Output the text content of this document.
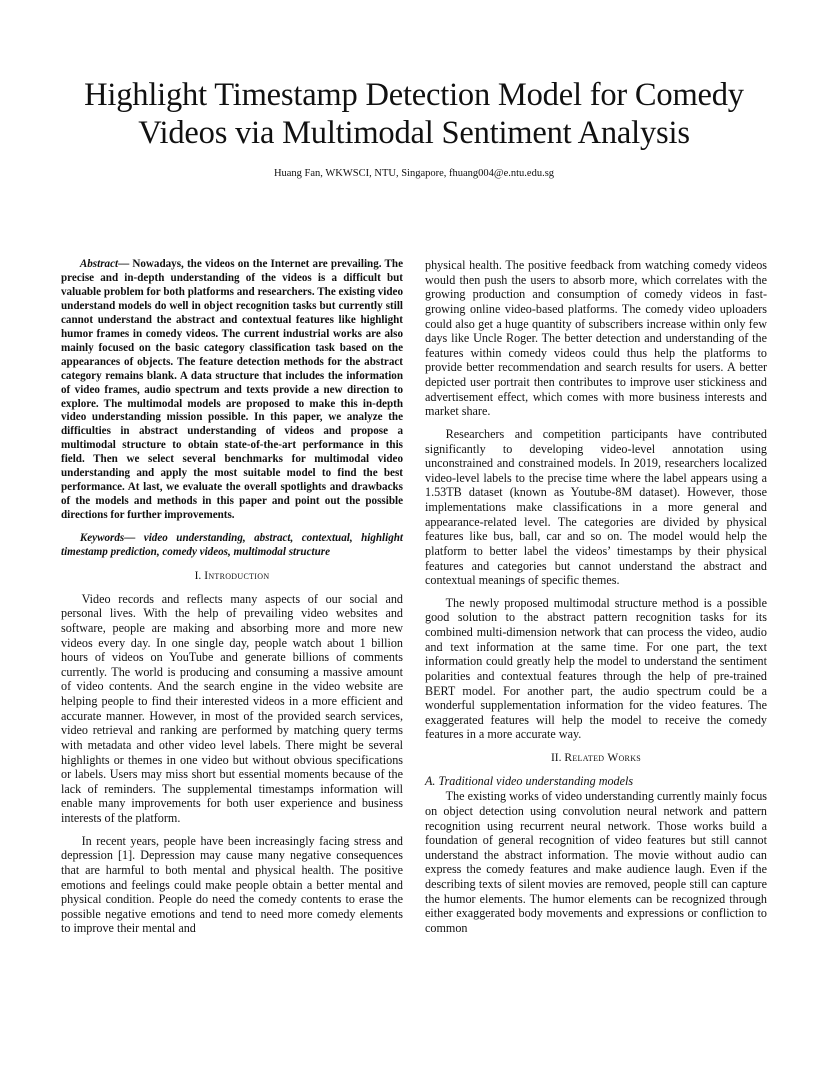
Highlight Timestamp Detection Model for Comedy
Videos via Multimodal Sentiment Analysis

Huang Fan, WKWSCI, NTU, Singapore, fhuang004@e.ntu.edu.sg

Abstract— Nowadays, the videos on the Internet are prevailing. The precise and in-depth understanding of the videos is a difficult but valuable problem for both platforms and researchers. The existing video understand models do well in object recognition tasks but currently still cannot understand the abstract and contextual features like highlight humor frames in comedy videos. The current industrial works are also mainly focused on the basic category classification task based on the appearances of objects. The feature detection methods for the abstract category remains blank. A data structure that includes the information of video frames, audio spectrum and texts provide a new direction to explore. The multimodal models are proposed to make this in-depth video understanding mission possible. In this paper, we analyze the difficulties in abstract understanding of videos and propose a multimodal structure to obtain state-of-the-art performance in this field. Then we select several benchmarks for multimodal video understanding and apply the most suitable model to find the best performance. At last, we evaluate the overall spotlights and drawbacks of the models and methods in this paper and point out the possible directions for further improvements.

Keywords— video understanding, abstract, contextual, highlight timestamp prediction, comedy videos, multimodal structure

I. Introduction

Video records and reflects many aspects of our social and personal lives. With the help of prevailing video websites and software, people are making and absorbing more and more new videos every day. In one single day, people watch about 1 billion hours of videos on YouTube and generate billions of comments currently. The world is producing and consuming a massive amount of video contents. And the search engine in the video website are helping people to find their interested videos in a more efficient and accurate manner. However, in most of the provided search services, video retrieval and ranking are performed by matching query terms with metadata and other video level labels. There might be several highlights or themes in one video but without obvious specifications or labels. Users may miss short but essential moments because of the lack of reminders. The supplemental timestamps information will enable many improvements for both user experience and business interests of the platform.

In recent years, people have been increasingly facing stress and depression [1]. Depression may cause many negative consequences that are harmful to both mental and physical health. The positive emotions and feelings could make people obtain a better mental and physical condition. People do need the comedy contents to erase the possible negative emotions and tend to need more comedy elements to improve their mental and

physical health. The positive feedback from watching comedy videos would then push the users to absorb more, which correlates with the growing production and consumption of comedy videos in fast-growing online video-based platforms. The comedy video uploaders could also get a huge quantity of subscribers increase within only few days like Uncle Roger. The better detection and understanding of the features within comedy videos could thus help the platforms to provide better recommendation and search results for users. A better depicted user portrait then contributes to improve user stickiness and advertisement effect, which comes with more business interests and market share.

Researchers and competition participants have contributed significantly to developing video-level annotation using unconstrained and constrained models. In 2019, researchers localized video-level labels to the precise time where the label appears using a 1.53TB dataset (known as Youtube-8M dataset). However, those implementations make classifications in a more general and appearance-related level. The categories are divided by physical features like bus, ball, car and so on. The model would help the platform to better label the videos’ timestamps by their physical features and categories but cannot understand the abstract and contextual meanings of specific themes.

The newly proposed multimodal structure method is a possible good solution to the abstract pattern recognition tasks for its combined multi-dimension network that can process the video, audio and text information at the same time. For one part, the text information could greatly help the model to understand the sentiment polarities and contextual features through the help of pre-trained BERT model. For another part, the audio spectrum could be a wonderful supplementation information for the video features. The exaggerated features will help the model to receive the comedy features in a more accurate way.

II. Related Works

A. Traditional video understanding models

The existing works of video understanding currently mainly focus on object detection using convolution neural network and pattern recognition using recurrent neural network. Those works build a foundation of general recognition of video features but still cannot understand the abstract information. The movie without audio can express the comedy features and make audience laugh. Even if the describing texts of silent movies are removed, people still can capture the humor elements. The humor elements can be recognized through either exaggerated body movements and expressions or confliction to common
